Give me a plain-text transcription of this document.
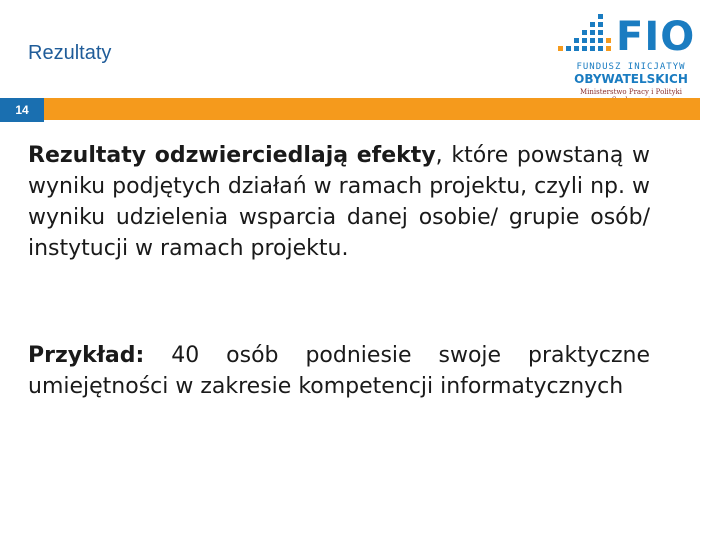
Rezultaty	FIO
FUNDUSZ INICJATYW
OBYWATELSKICH
Ministerstwo Pracy i Polityki
14
Rezultaty odzwierciedlają efekty, które powstaną w wyniku podjętych działań w ramach projektu, czyli np. w wyniku udzielenia wsparcia danej osobie/ grupie osób/ instytucji w ramach projektu.
Przykład: 40 osób podniesie swoje praktyczne umiejętności w zakresie kompetencji informatycznych
